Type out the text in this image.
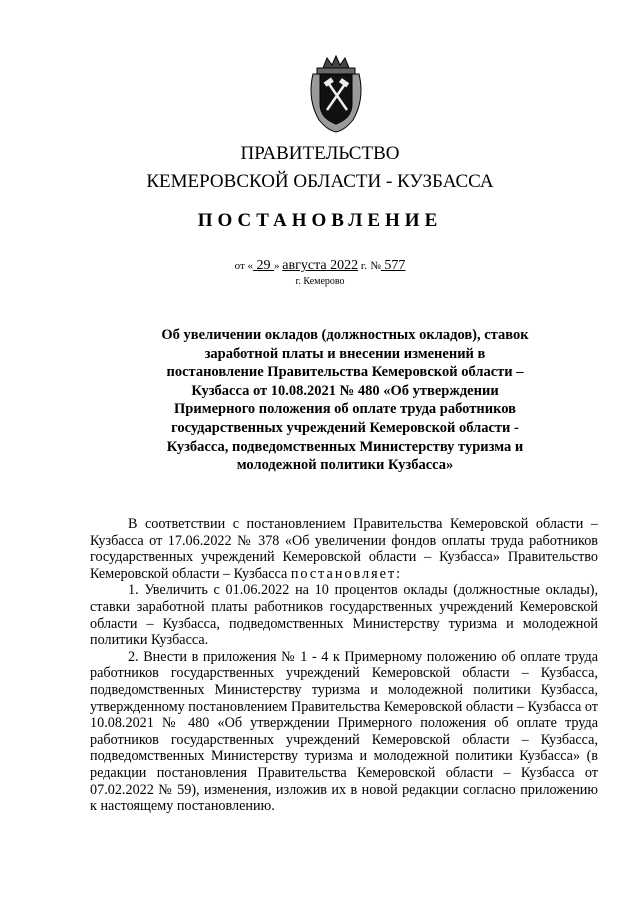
ПРАВИТЕЛЬСТВО
КЕМЕРОВСКОЙ ОБЛАСТИ - КУЗБАССА
ПОСТАНОВЛЕНИЕ
от « 29 » августа 2022 г. № 577
г. Кемерово
Об увеличении окладов (должностных окладов), ставок заработной платы и внесении изменений в постановление Правительства Кемеровской области – Кузбасса от 10.08.2021 № 480 «Об утверждении Примерного положения об оплате труда работников государственных учреждений Кемеровской области - Кузбасса, подведомственных Министерству туризма и молодежной политики Кузбасса»

В соответствии с постановлением Правительства Кемеровской области – Кузбасса от 17.06.2022 № 378 «Об увеличении фондов оплаты труда работников государственных учреждений Кемеровской области – Кузбасса» Правительство Кемеровской области – Кузбасса постановляет:

1. Увеличить с 01.06.2022 на 10 процентов оклады (должностные оклады), ставки заработной платы работников государственных учреждений Кемеровской области – Кузбасса, подведомственных Министерству туризма и молодежной политики Кузбасса.

2. Внести в приложения № 1 - 4 к Примерному положению об оплате труда работников государственных учреждений Кемеровской области – Кузбасса, подведомственных Министерству туризма и молодежной политики Кузбасса, утвержденному постановлением Правительства Кемеровской области – Кузбасса от 10.08.2021 № 480 «Об утверждении Примерного положения об оплате труда работников государственных учреждений Кемеровской области – Кузбасса, подведомственных Министерству туризма и молодежной политики Кузбасса» (в редакции постановления Правительства Кемеровской области – Кузбасса от 07.02.2022 № 59), изменения, изложив их в новой редакции согласно приложению к настоящему постановлению.
